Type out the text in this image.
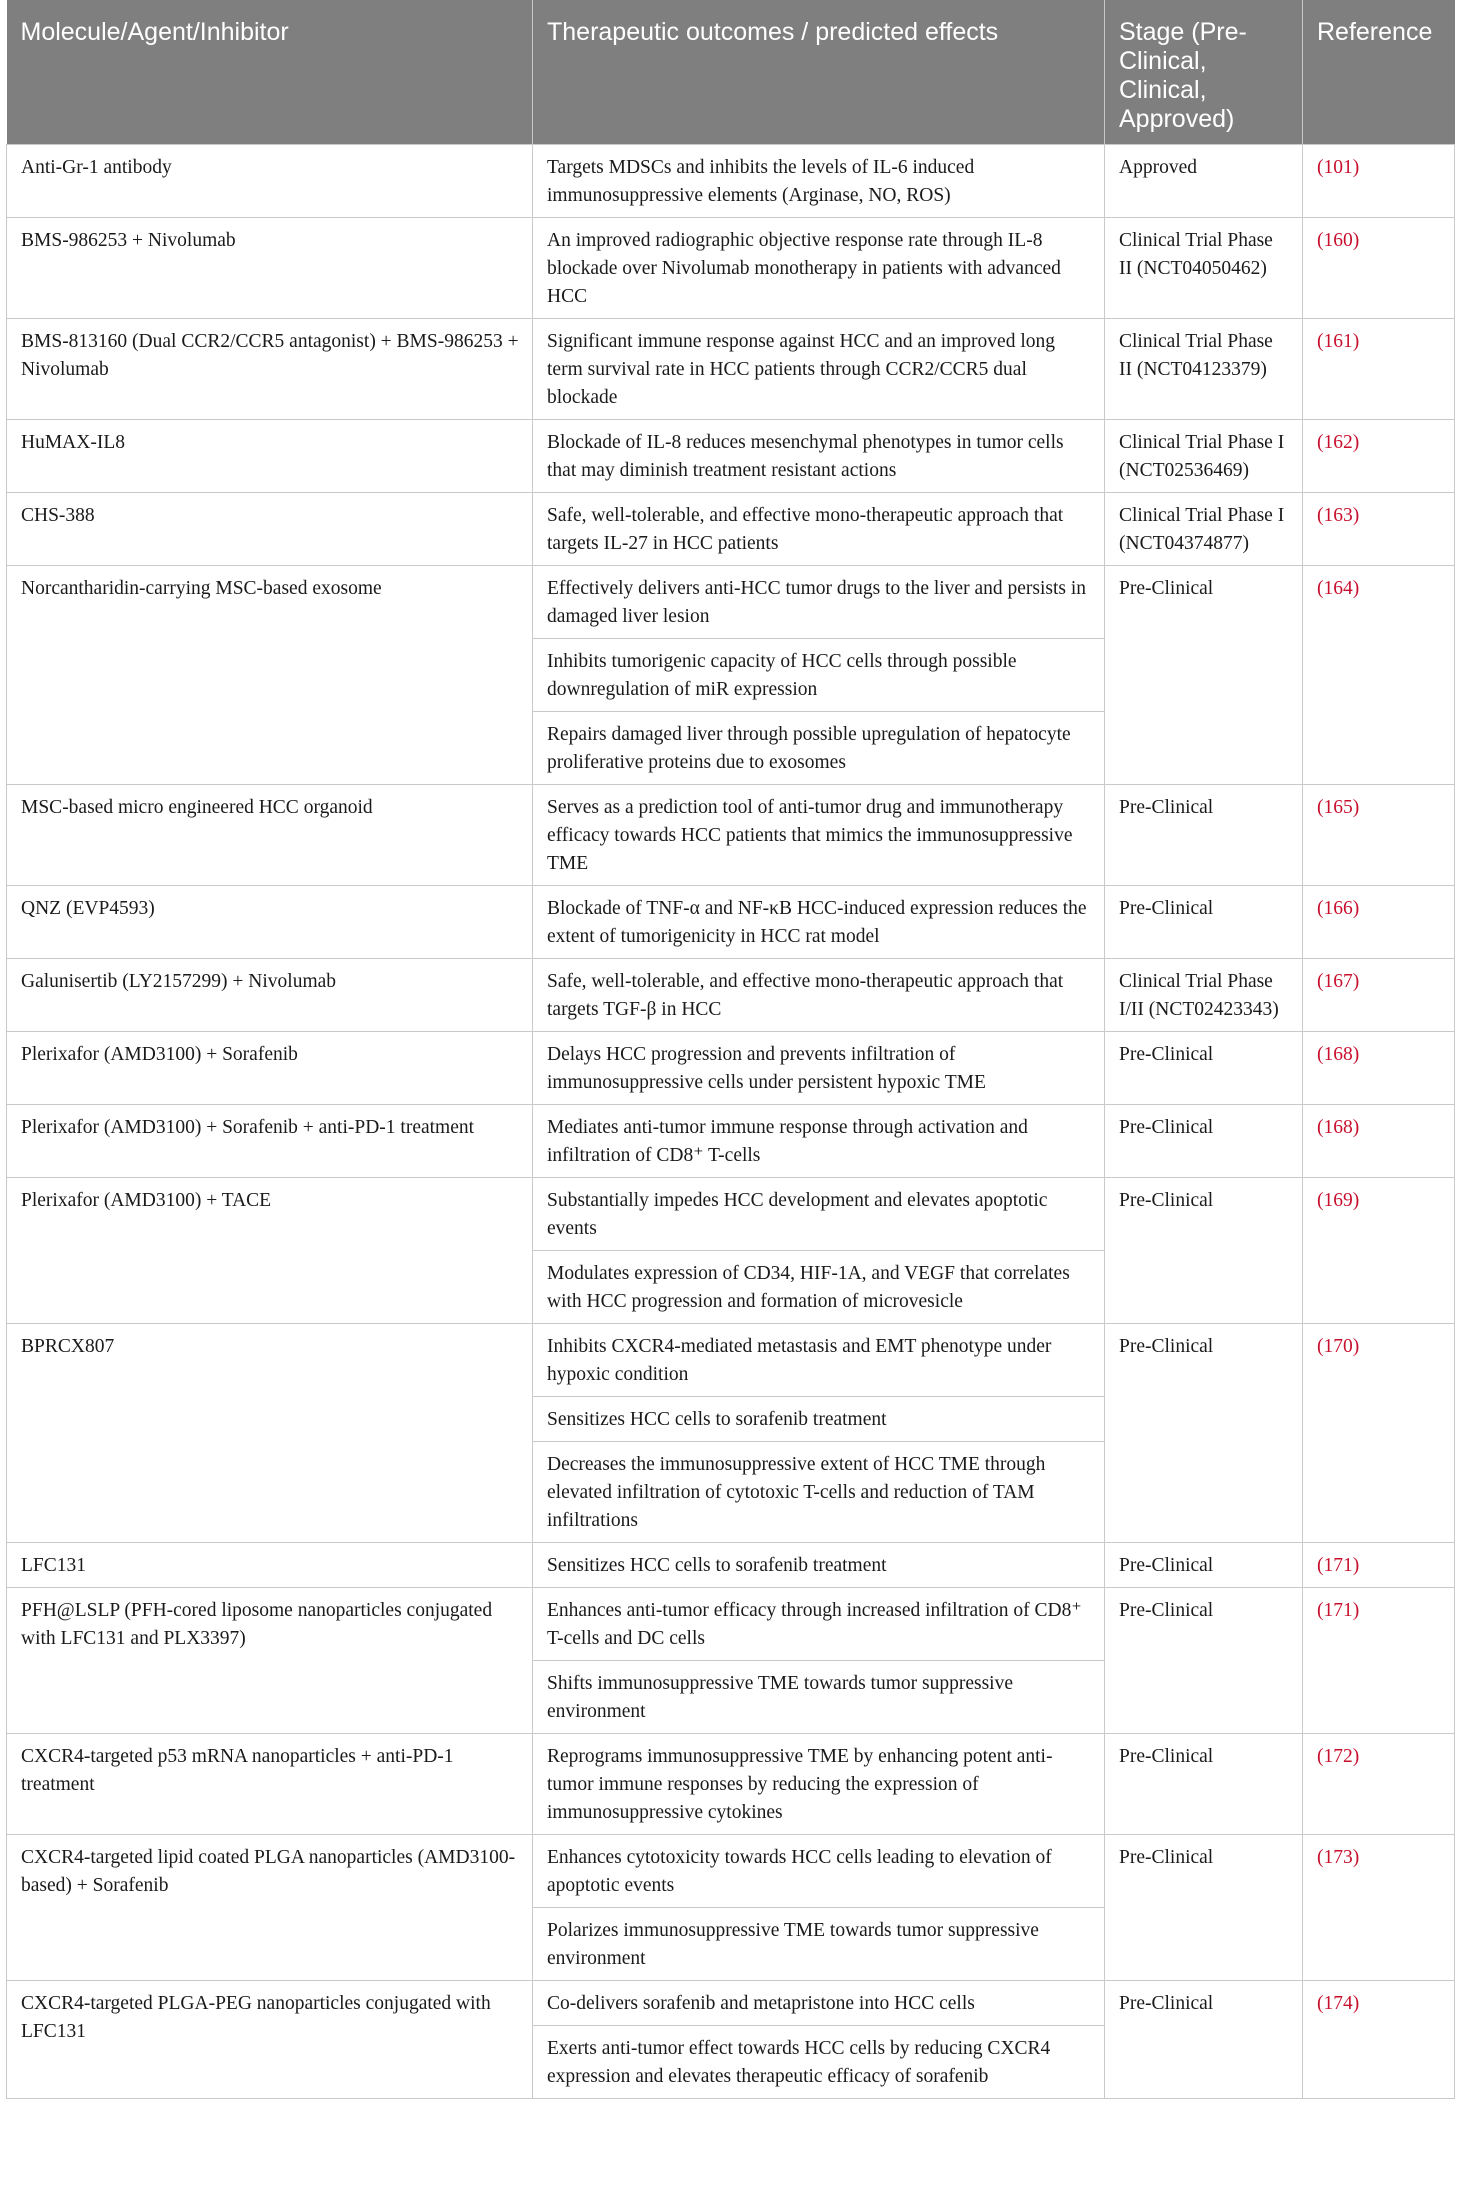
Molecule/Agent/Inhibitor	Therapeutic outcomes / predicted effects	Stage (Pre-Clinical, Clinical, Approved)	Reference
Anti-Gr-1 antibody	Targets MDSCs and inhibits the levels of IL-6 induced immunosuppressive elements (Arginase, NO, ROS)	Approved	(101)
BMS-986253 + Nivolumab	An improved radiographic objective response rate through IL-8 blockade over Nivolumab monotherapy in patients with advanced HCC	Clinical Trial Phase II (NCT04050462)	(160)
BMS-813160 (Dual CCR2/CCR5 antagonist) + BMS-986253 + Nivolumab	Significant immune response against HCC and an improved long term survival rate in HCC patients through CCR2/CCR5 dual blockade	Clinical Trial Phase II (NCT04123379)	(161)
HuMAX-IL8	Blockade of IL-8 reduces mesenchymal phenotypes in tumor cells that may diminish treatment resistant actions	Clinical Trial Phase I (NCT02536469)	(162)
CHS-388	Safe, well-tolerable, and effective mono-therapeutic approach that targets IL-27 in HCC patients	Clinical Trial Phase I (NCT04374877)	(163)
Norcantharidin-carrying MSC-based exosome	Effectively delivers anti-HCC tumor drugs to the liver and persists in damaged liver lesion	Pre-Clinical	(164)
	Inhibits tumorigenic capacity of HCC cells through possible downregulation of miR expression		
	Repairs damaged liver through possible upregulation of hepatocyte proliferative proteins due to exosomes		
MSC-based micro engineered HCC organoid	Serves as a prediction tool of anti-tumor drug and immunotherapy efficacy towards HCC patients that mimics the immunosuppressive TME	Pre-Clinical	(165)
QNZ (EVP4593)	Blockade of TNF-α and NF-κB HCC-induced expression reduces the extent of tumorigenicity in HCC rat model	Pre-Clinical	(166)
Galunisertib (LY2157299) + Nivolumab	Safe, well-tolerable, and effective mono-therapeutic approach that targets TGF-β in HCC	Clinical Trial Phase I/II (NCT02423343)	(167)
Plerixafor (AMD3100) + Sorafenib	Delays HCC progression and prevents infiltration of immunosuppressive cells under persistent hypoxic TME	Pre-Clinical	(168)
Plerixafor (AMD3100) + Sorafenib + anti-PD-1 treatment	Mediates anti-tumor immune response through activation and infiltration of CD8⁺ T-cells	Pre-Clinical	(168)
Plerixafor (AMD3100) + TACE	Substantially impedes HCC development and elevates apoptotic events	Pre-Clinical	(169)
	Modulates expression of CD34, HIF-1A, and VEGF that correlates with HCC progression and formation of microvesicle		
BPRCX807	Inhibits CXCR4-mediated metastasis and EMT phenotype under hypoxic condition	Pre-Clinical	(170)
	Sensitizes HCC cells to sorafenib treatment		
	Decreases the immunosuppressive extent of HCC TME through elevated infiltration of cytotoxic T-cells and reduction of TAM infiltrations		
LFC131	Sensitizes HCC cells to sorafenib treatment	Pre-Clinical	(171)
PFH@LSLP (PFH-cored liposome nanoparticles conjugated with LFC131 and PLX3397)	Enhances anti-tumor efficacy through increased infiltration of CD8⁺ T-cells and DC cells	Pre-Clinical	(171)
	Shifts immunosuppressive TME towards tumor suppressive environment		
CXCR4-targeted p53 mRNA nanoparticles + anti-PD-1 treatment	Reprograms immunosuppressive TME by enhancing potent anti-tumor immune responses by reducing the expression of immunosuppressive cytokines	Pre-Clinical	(172)
CXCR4-targeted lipid coated PLGA nanoparticles (AMD3100-based) + Sorafenib	Enhances cytotoxicity towards HCC cells leading to elevation of apoptotic events	Pre-Clinical	(173)
	Polarizes immunosuppressive TME towards tumor suppressive environment		
CXCR4-targeted PLGA-PEG nanoparticles conjugated with LFC131	Co-delivers sorafenib and metapristone into HCC cells	Pre-Clinical	(174)
	Exerts anti-tumor effect towards HCC cells by reducing CXCR4 expression and elevates therapeutic efficacy of sorafenib		
